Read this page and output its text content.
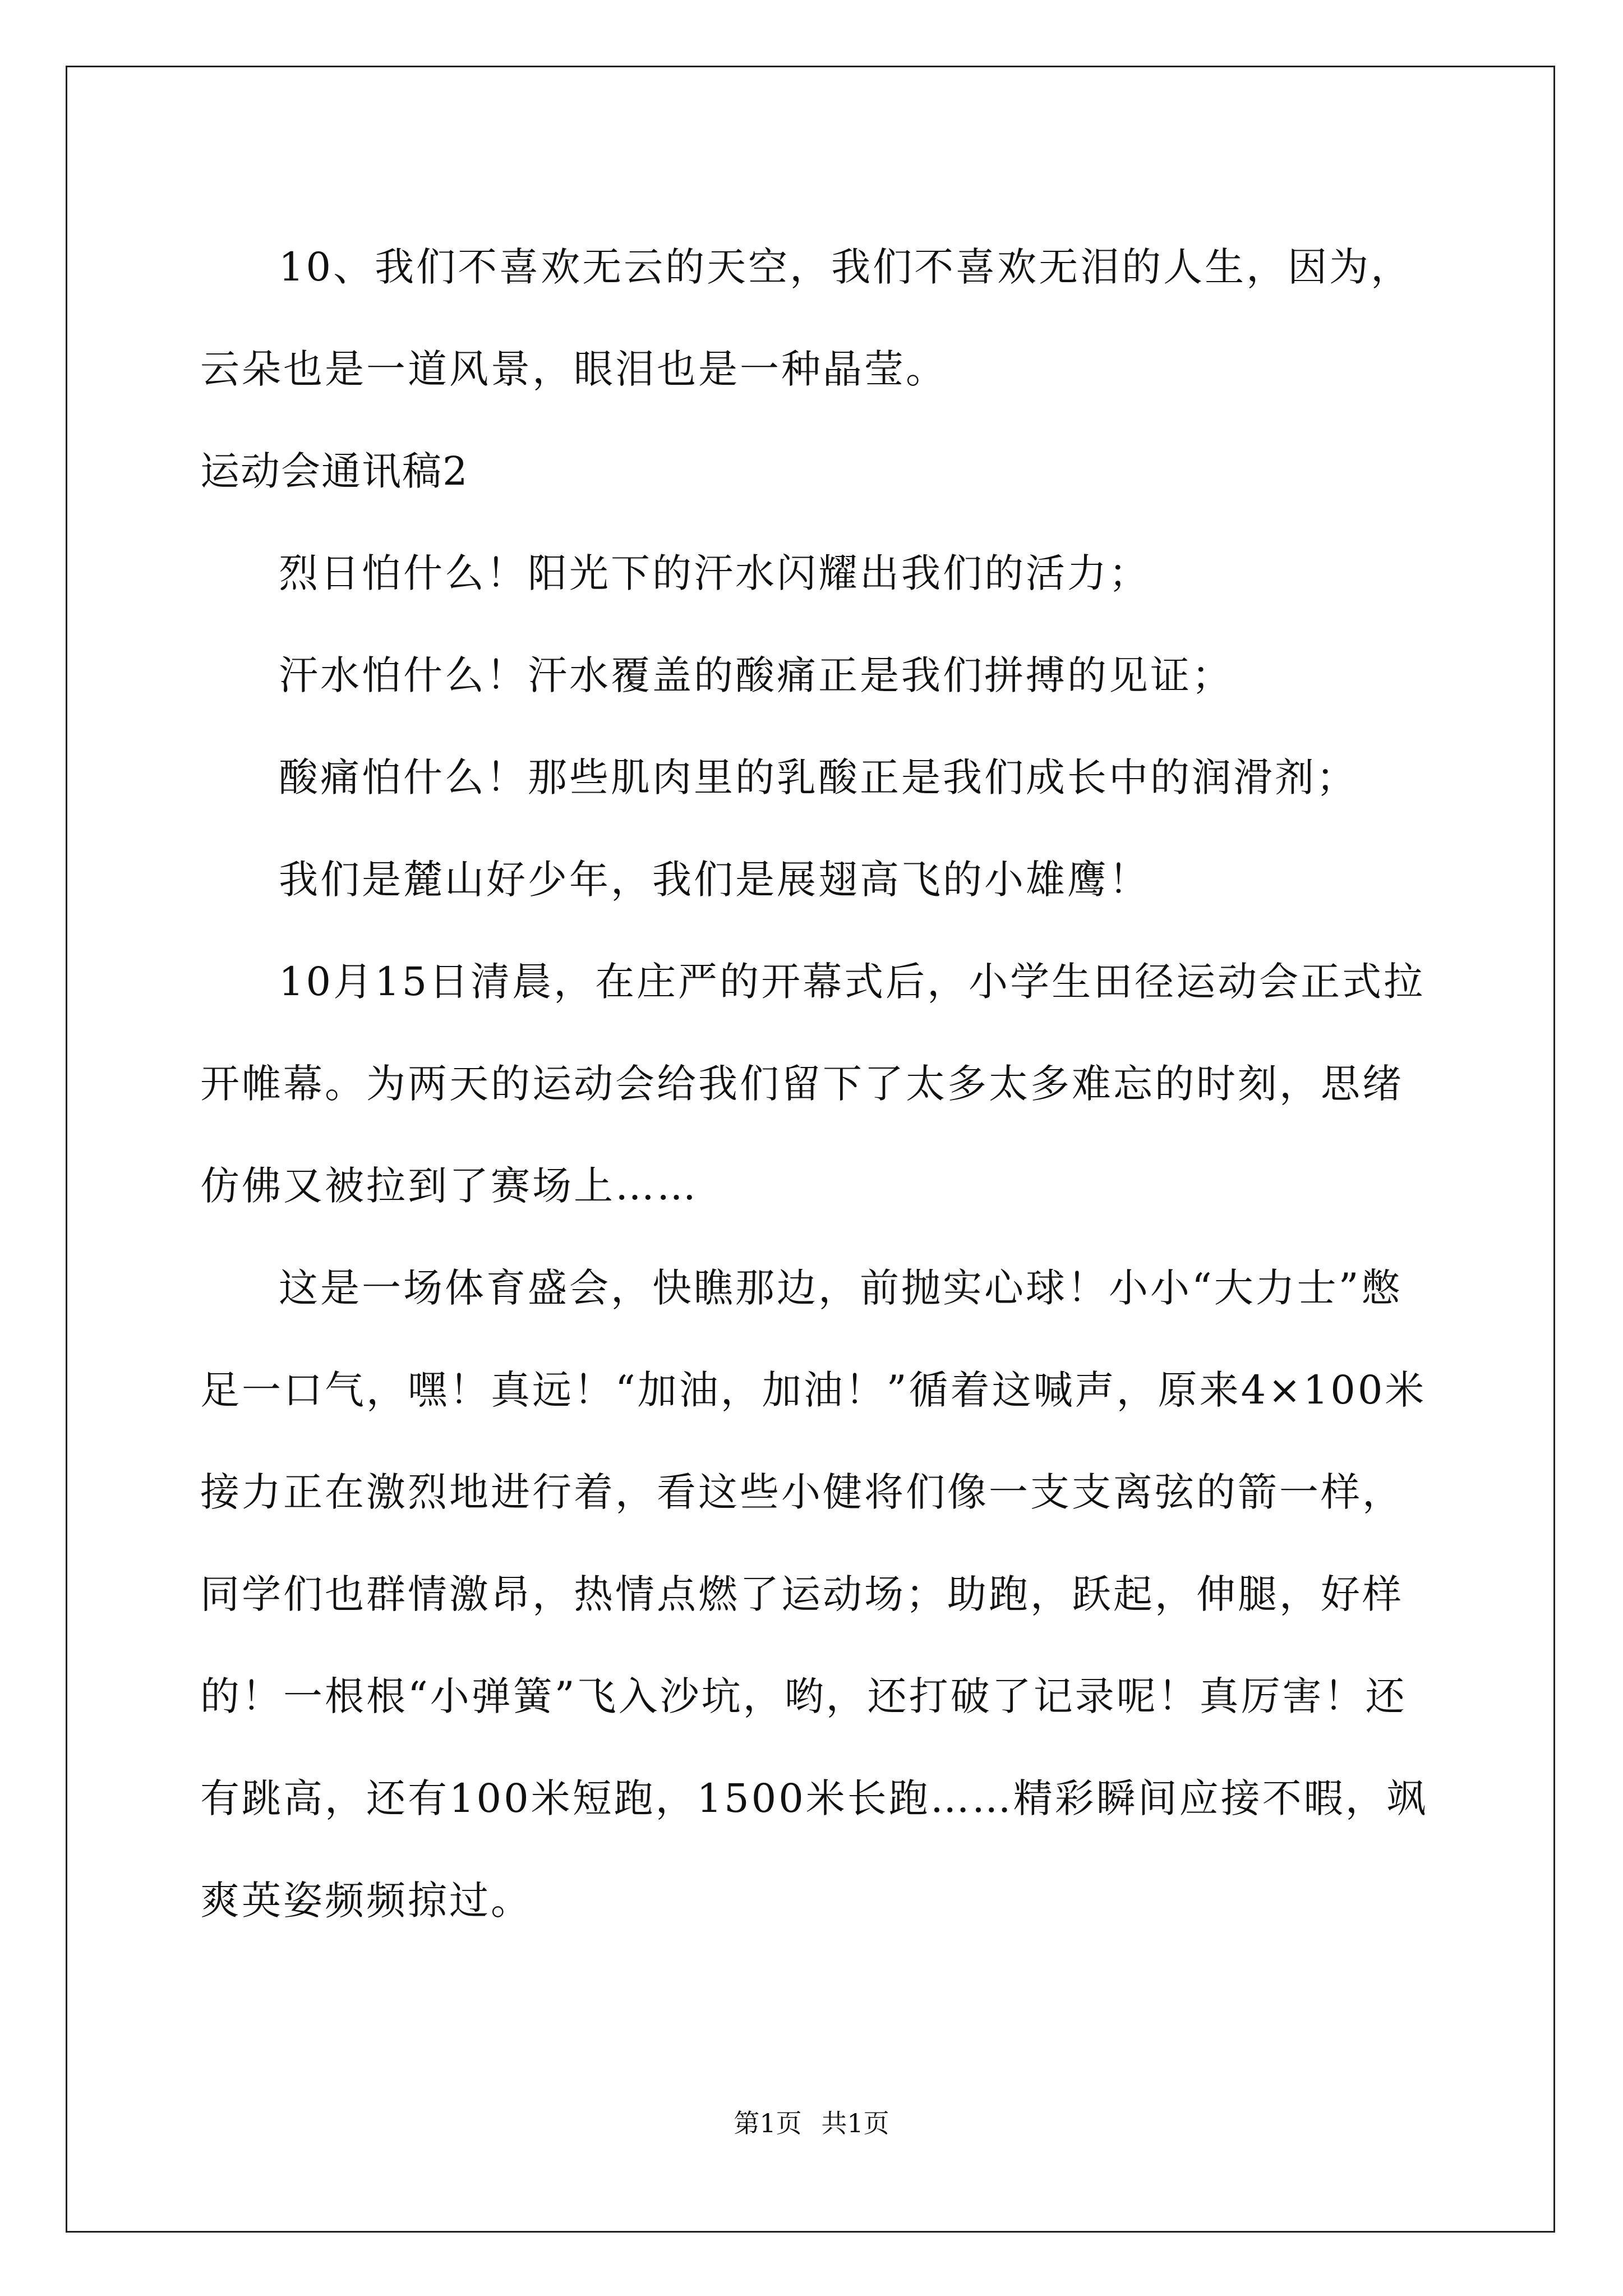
10、我们不喜欢无云的天空，我们不喜欢无泪的人生，因为，云朵也是一道风景，眼泪也是一种晶莹。

运动会通讯稿2

烈日怕什么！阳光下的汗水闪耀出我们的活力；

汗水怕什么！汗水覆盖的酸痛正是我们拼搏的见证；

酸痛怕什么！那些肌肉里的乳酸正是我们成长中的润滑剂；

我们是麓山好少年，我们是展翅高飞的小雄鹰！

10月15日清晨，在庄严的开幕式后，小学生田径运动会正式拉开帷幕。为两天的运动会给我们留下了太多太多难忘的时刻，思绪仿佛又被拉到了赛场上……

这是一场体育盛会，快瞧那边，前抛实心球！小小“大力士”憋足一口气，嘿！真远！“加油，加油！”循着这喊声，原来4×100米接力正在激烈地进行着，看这些小健将们像一支支离弦的箭一样，同学们也群情激昂，热情点燃了运动场；助跑，跃起，伸腿，好样的！一根根“小弹簧”飞入沙坑，哟，还打破了记录呢！真厉害！还有跳高，还有100米短跑，1500米长跑……精彩瞬间应接不暇，飒爽英姿频频掠过。

第1页 共1页
